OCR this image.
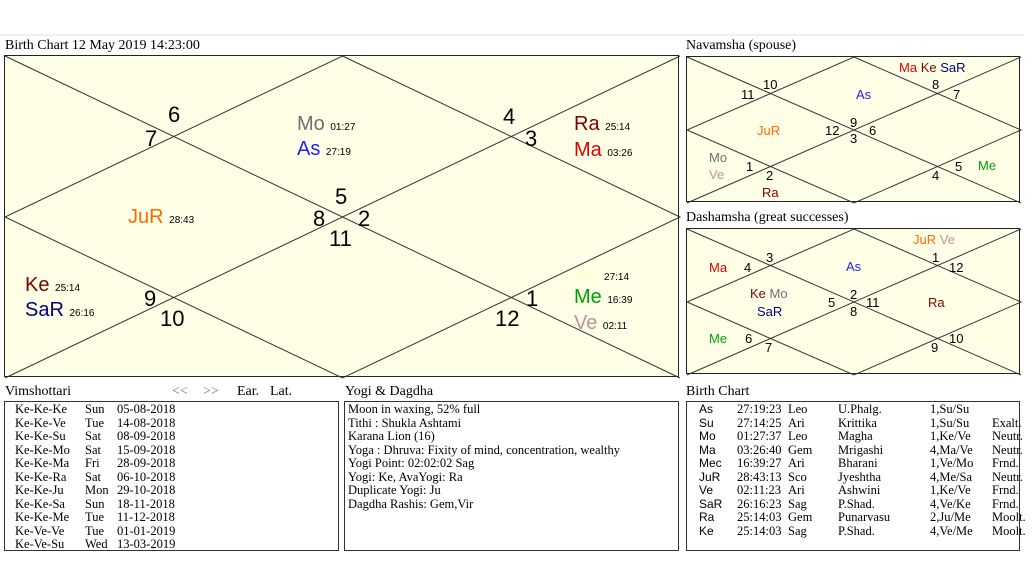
Birth Chart 12 May 2019 14:23:00
6
7
4
3
5
8 2
11
9
10
1
12
Mo 01:27
As 27:19
Ra 25:14
Ma 03:26
JuR 28:43
Ke 25:14
SaR 26:16
Su 27:14
Me 16:39
Ve 02:11
Navamsha (spouse)
10
11
8
7
12
9
3
6
1
2
5
4
Ma Ke SaR
As
JuR
Mo
Ve
Ra
Me
Su
Dashamsha (great successes)
4
3	1
12
5
2
8
11
6
7
10
9
JuR Ve
Ma	As
Ke Mo
SaR
Ra
Me	Su
Vimshottari	<< >> Ear. Lat.
Ke-Ke-Ke Sun 05-08-2018
Ke-Ke-Ve Tue 14-08-2018
Ke-Ke-Su Sat 08-09-2018
Ke-Ke-Mo Sat 15-09-2018
Ke-Ke-Ma Fri 28-09-2018
Ke-Ke-Ra Sat 06-10-2018
Ke-Ke-Ju Mon 29-10-2018
Ke-Ke-Sa Sun 18-11-2018
Ke-Ke-Me Tue 11-12-2018
Ke-Ve-Ve Tue 01-01-2019
Ke-Ve-Su Wed 13-03-2019
Yogi & Dagdha
Moon in waxing, 52% full
Tithi : Shukla Ashtami
Karana Lion (16)
Yoga : Dhruva: Fixity of mind, concentration, wealthy
Yogi Point: 02:02:02 Sag
Yogi: Ke, AvaYogi: Ra
Duplicate Yogi: Ju
Dagdha Rashis: Gem,Vir
Birth Chart
As 27:19:23 Leo U.Phalg.	1,Su/Su
Su 27:14:25 Ari	Krittika	1,Su/Su Exalt.
Mo 01:27:37 Leo Magha	1,Ke/Ve Neutr.
Ma 03:26:40 Gem Mrigashi	4,Ma/Ve Neutr.
Mec 16:39:27 Ari	Bharani	1,Ve/Mo Frnd.
JuR 28:43:13 Sco	Jyeshtha	4,Me/Sa Neutr.
Ve 02:11:23 Ari	Ashwini	1,Ke/Ve Frnd.
SaR 26:16:23 Sag	P.Shad.	4,Ve/Ke Frnd.
Ra 25:14:03 Gem Punarvasu	2,Ju/Me Moolt.
Ke 25:14:03 Sag	P.Shad.	4,Ve/Me Moolt.
